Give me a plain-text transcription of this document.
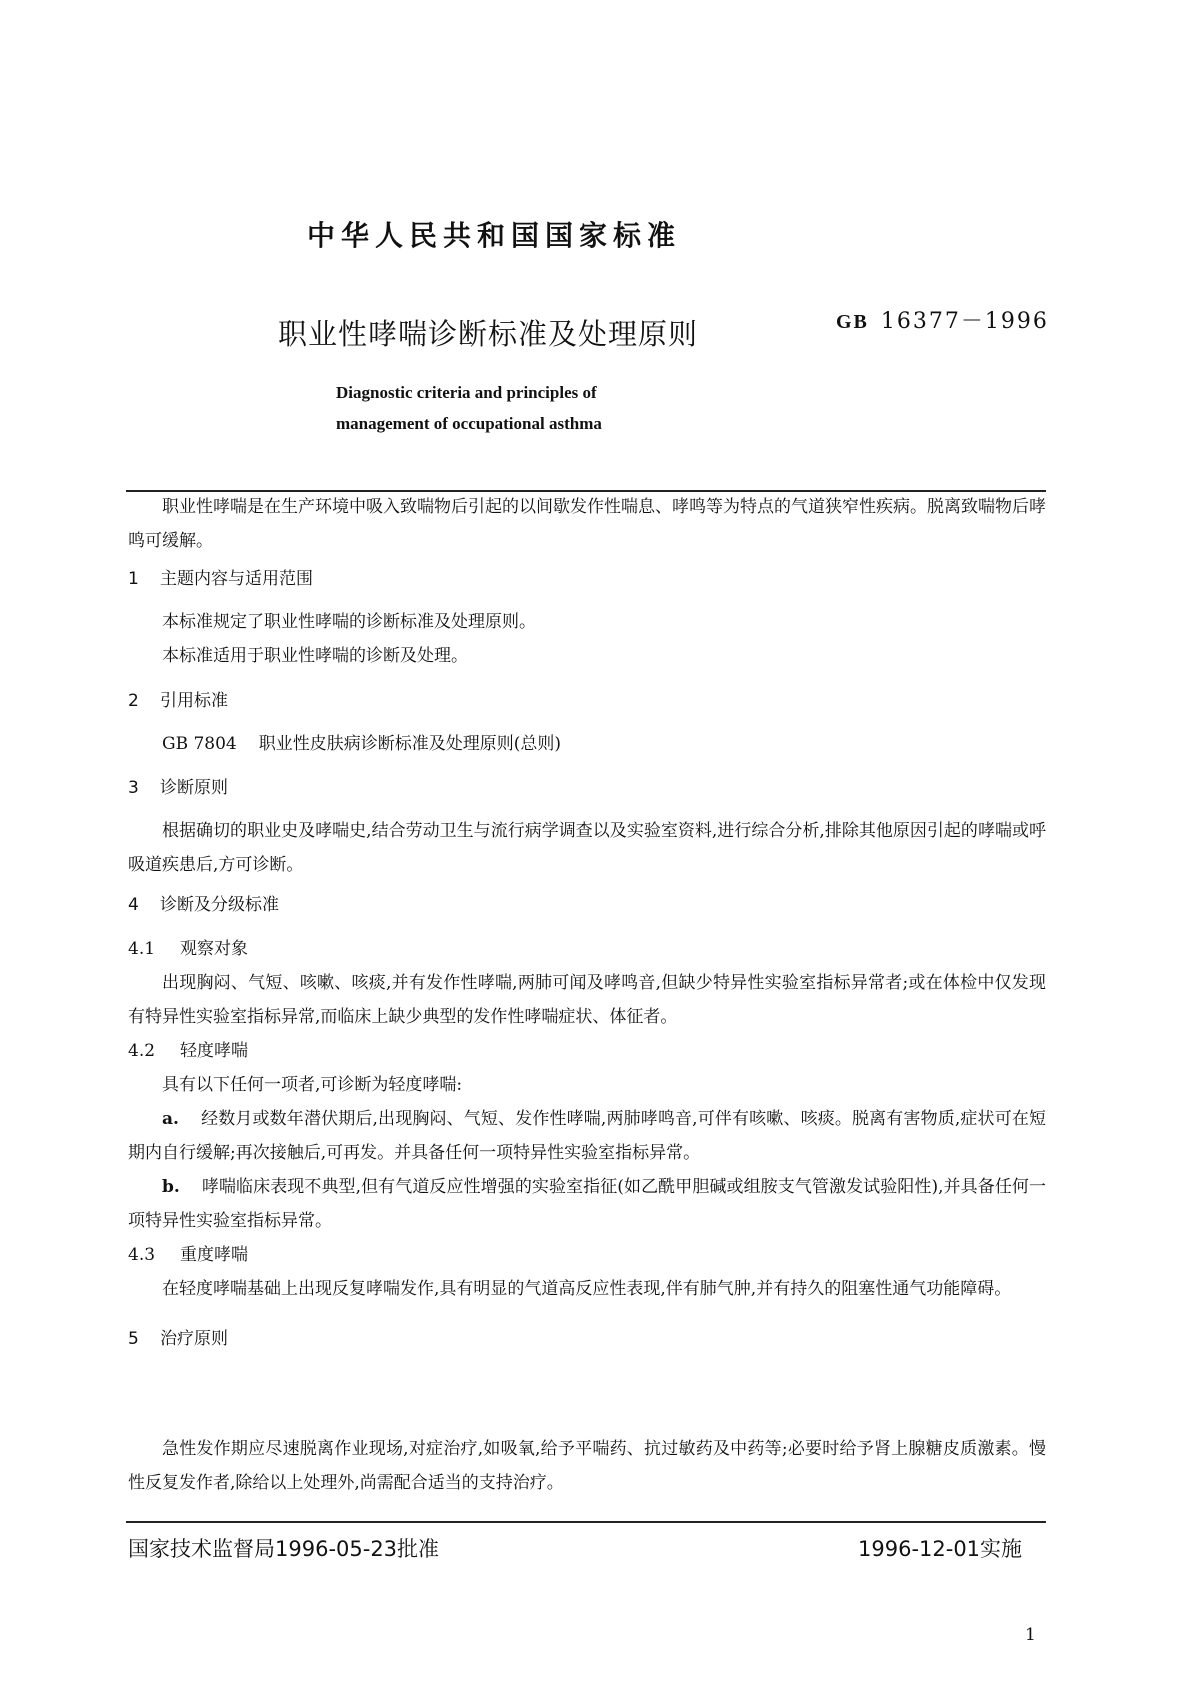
中华人民共和国国家标准
职业性哮喘诊断标准及处理原则	GB 16377－1996
Diagnostic criteria and principles of
management of occupational asthma

职业性哮喘是在生产环境中吸入致喘物后引起的以间歇发作性喘息、哮鸣等为特点的气道狭窄性疾病。脱离致喘物后哮鸣可缓解。

1 主题内容与适用范围

本标准规定了职业性哮喘的诊断标准及处理原则。

本标准适用于职业性哮喘的诊断及处理。

2 引用标准

GB 7804 职业性皮肤病诊断标准及处理原则(总则)

3 诊断原则

根据确切的职业史及哮喘史,结合劳动卫生与流行病学调查以及实验室资料,进行综合分析,排除其他原因引起的哮喘或呼吸道疾患后,方可诊断。

4 诊断及分级标准

4.1 观察对象

出现胸闷、气短、咳嗽、咳痰,并有发作性哮喘,两肺可闻及哮鸣音,但缺少特异性实验室指标异常者;或在体检中仅发现有特异性实验室指标异常,而临床上缺少典型的发作性哮喘症状、体征者。

4.2 轻度哮喘

具有以下任何一项者,可诊断为轻度哮喘:

a. 经数月或数年潜伏期后,出现胸闷、气短、发作性哮喘,两肺哮鸣音,可伴有咳嗽、咳痰。脱离有害物质,症状可在短期内自行缓解;再次接触后,可再发。并具备任何一项特异性实验室指标异常。

b. 哮喘临床表现不典型,但有气道反应性增强的实验室指征(如乙酰甲胆碱或组胺支气管激发试验阳性),并具备任何一项特异性实验室指标异常。

4.3 重度哮喘

在轻度哮喘基础上出现反复哮喘发作,具有明显的气道高反应性表现,伴有肺气肿,并有持久的阻塞性通气功能障碍。

5 治疗原则

急性发作期应尽速脱离作业现场,对症治疗,如吸氧,给予平喘药、抗过敏药及中药等;必要时给予肾上腺糖皮质激素。慢性反复发作者,除给以上处理外,尚需配合适当的支持治疗。

国家技术监督局1996-05-23批准	1996-12-01实施
1
